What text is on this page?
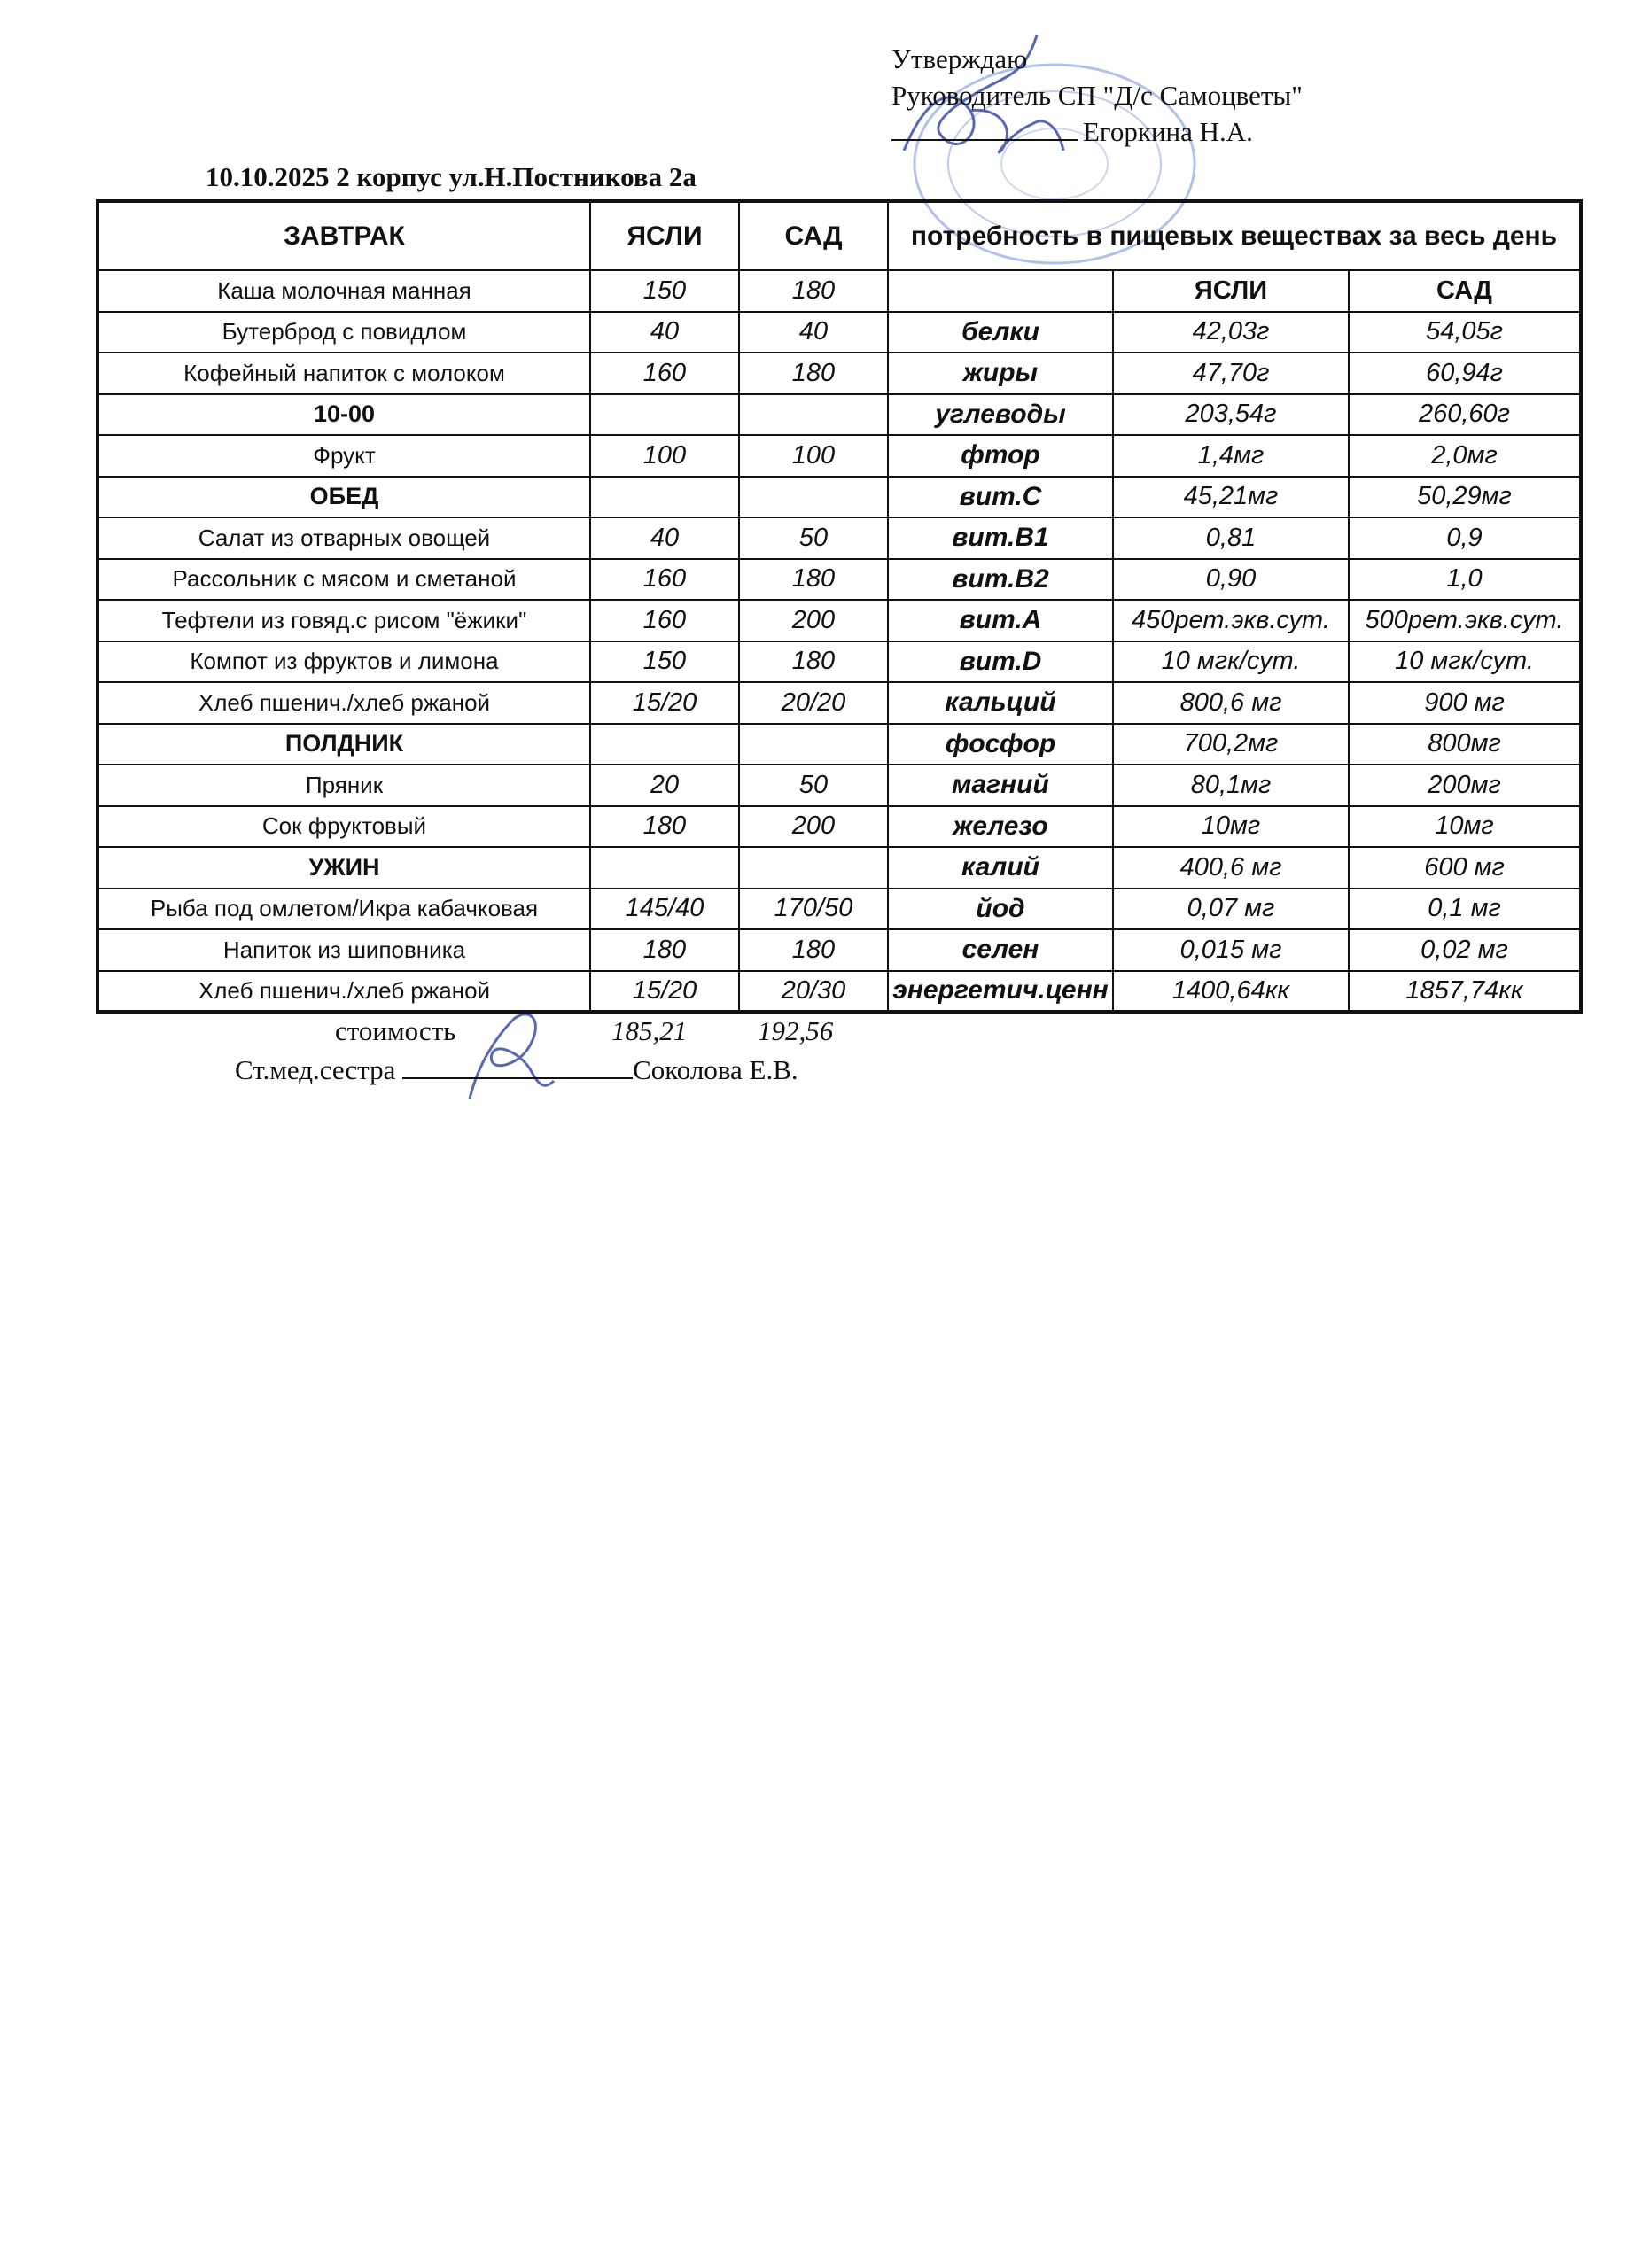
Утверждаю
Руководитель СП "Д/с Самоцветы"
Егоркина Н.А.
10.10.2025 2 корпус ул.Н.Постникова 2а
ЗАВТРАК	ЯСЛИ	САД	потребность в пищевых веществах за весь день		
Каша молочная манная	150	180		ЯСЛИ	САД
Бутерброд с повидлом	40	40	белки	42,03г	54,05г
Кофейный напиток с молоком	160	180	жиры	47,70г	60,94г
10-00			углеводы	203,54г	260,60г
Фрукт	100	100	фтор	1,4мг	2,0мг
ОБЕД			вит.С	45,21мг	50,29мг
Салат из отварных овощей	40	50	вит.В1	0,81	0,9
Рассольник с мясом и сметаной	160	180	вит.В2	0,90	1,0
Тефтели из говяд.с рисом "ёжики"	160	200	вит.А	450рет.экв.сут.	500рет.экв.сут.
Компот из фруктов и лимона	150	180	вит.D	10 мгк/сут.	10 мгк/сут.
Хлеб пшенич./хлеб ржаной	15/20	20/20	кальций	800,6 мг	900 мг
ПОЛДНИК			фосфор	700,2мг	800мг
Пряник	20	50	магний	80,1мг	200мг
Сок фруктовый	180	200	железо	10мг	10мг
УЖИН			калий	400,6 мг	600 мг
Рыба под омлетом/Икра кабачковая	145/40	170/50	йод	0,07 мг	0,1 мг
Напиток из шиповника	180	180	селен	0,015 мг	0,02 мг
Хлеб пшенич./хлеб ржаной	15/20	20/30	энергетич.ценн	1400,64кк	1857,74кк
стоимость	185,21	192,56
Ст.мед.сестра	Соколова Е.В.
